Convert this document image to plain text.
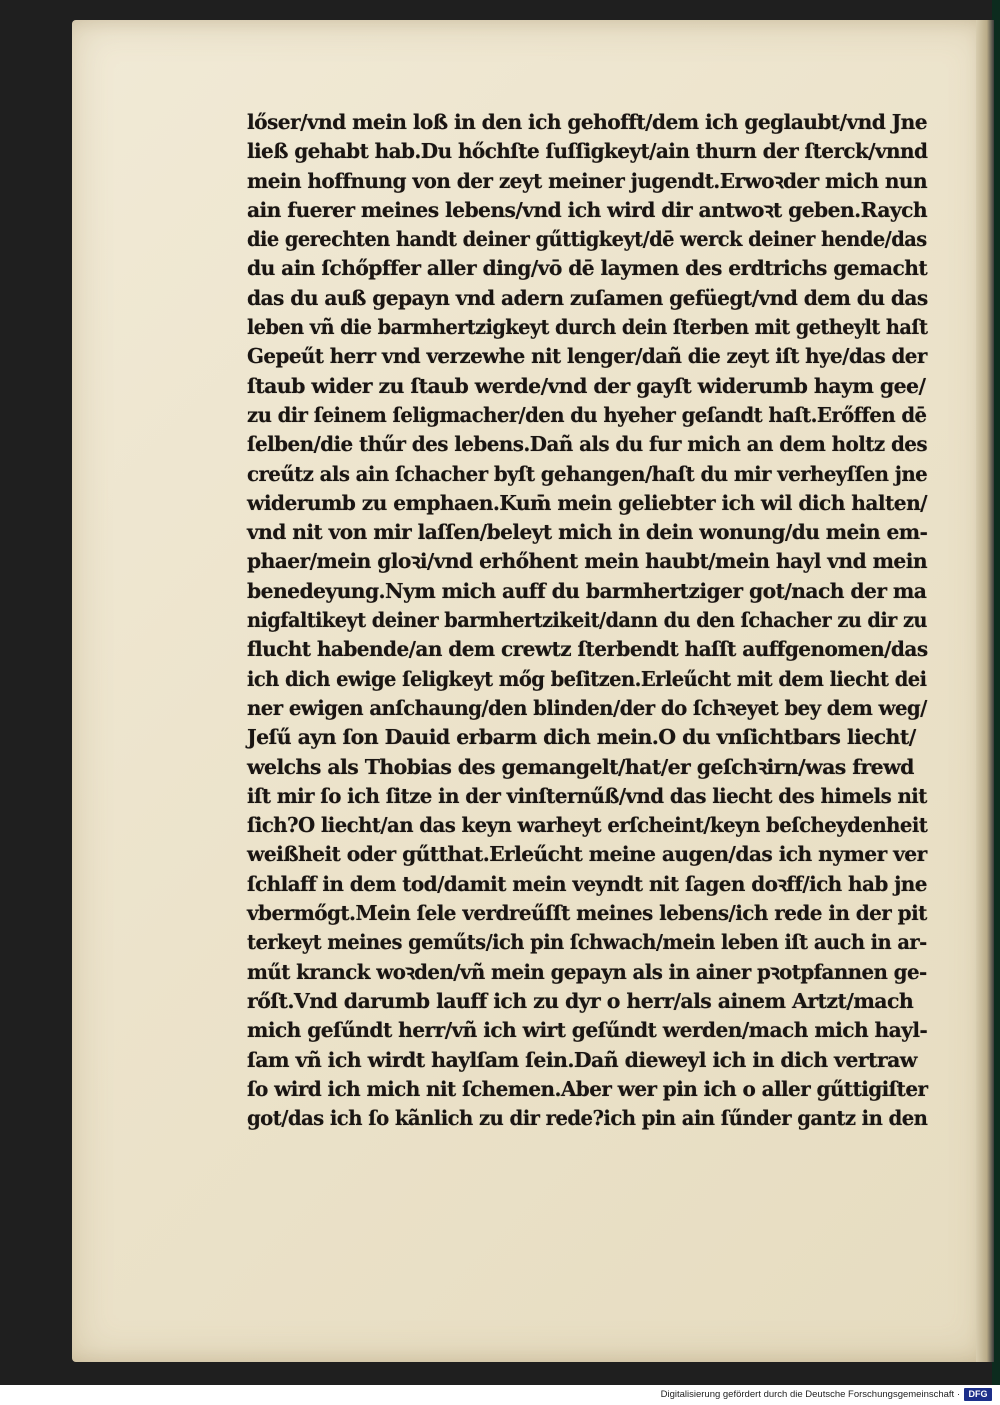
lőser/vnd mein loß in den ich gehofft/dem ich geglaubt/vnd Jne
ließ gehabt hab.Du hőchſte ſuſſigkeyt/ain thurn der ſterck/vnnd
mein hoffnung von der zeyt meiner jugendt.Erwoꝛder mich nun
ain fuerer meines lebens/vnd ich wird dir antwoꝛt geben.Raych
die gerechten handt deiner gűttigkeyt/dē werck deiner hende/das
du ain ſchőpffer aller ding/vō dē laymen des erdtrichs gemacht
das du auß gepayn vnd adern zuſamen gefüegt/vnd dem du das
leben vñ die barmhertzigkeyt durch dein ſterben mit getheylt haſt
Gepeűt herr vnd verzewhe nit lenger/dañ die zeyt iſt hye/das der
ſtaub wider zu ſtaub werde/vnd der gayſt widerumb haym gee/
zu dir ſeinem ſeligmacher/den du hyeher geſandt haſt.Erőffen dē
ſelben/die thűr des lebens.Dañ als du fur mich an dem holtz des
creűtz als ain ſchacher byſt gehangen/haſt du mir verheyſſen jne
widerumb zu emphaen.Kum̄ mein geliebter ich wil dich halten/
vnd nit von mir laſſen/beleyt mich in dein wonung/du mein em-
phaer/mein gloꝛi/vnd erhőhent mein haubt/mein hayl vnd mein
benedeyung.Nym mich auff du barmhertziger got/nach der ma
nigfaltikeyt deiner barmhertzikeit/dann du den ſchacher zu dir zu
flucht habende/an dem crewtz ſterbendt haſſt auffgenomen/das
ich dich ewige ſeligkeyt mőg beſitzen.Erleűcht mit dem liecht dei
ner ewigen anſchaung/den blinden/der do ſchꝛeyet bey dem weg/
Jeſű ayn ſon Dauid erbarm dich mein.O du vnſichtbars liecht/
welchs als Thobias des gemangelt/hat/er geſchꝛirn/was frewd
iſt mir ſo ich ſitze in der vinſternűß/vnd das liecht des himels nit
ſich?O liecht/an das keyn warheyt erſcheint/keyn beſcheydenheit
weißheit oder gűtthat.Erleűcht meine augen/das ich nymer ver
ſchlaff in dem tod/damit mein veyndt nit ſagen doꝛff/ich hab jne
vbermőgt.Mein ſele verdreűſſt meines lebens/ich rede in der pit
terkeyt meines geműts/ich pin ſchwach/mein leben iſt auch in ar-
műt kranck woꝛden/vñ mein gepayn als in ainer pꝛotpfannen ge-
rőſt.Vnd darumb lauff ich zu dyr o herr/als ainem Artzt/mach
mich geſűndt herr/vñ ich wirt geſűndt werden/mach mich hayl-
ſam vñ ich wirdt haylſam ſein.Dañ dieweyl ich in dich vertraw
ſo wird ich mich nit ſchemen.Aber wer pin ich o aller gűttigiſter
got/das ich ſo kãnlich zu dir rede?ich pin ain ſűnder gantz in den
Digitalisierung gefördert durch die Deutsche Forschungsgemeinschaft · DFG
